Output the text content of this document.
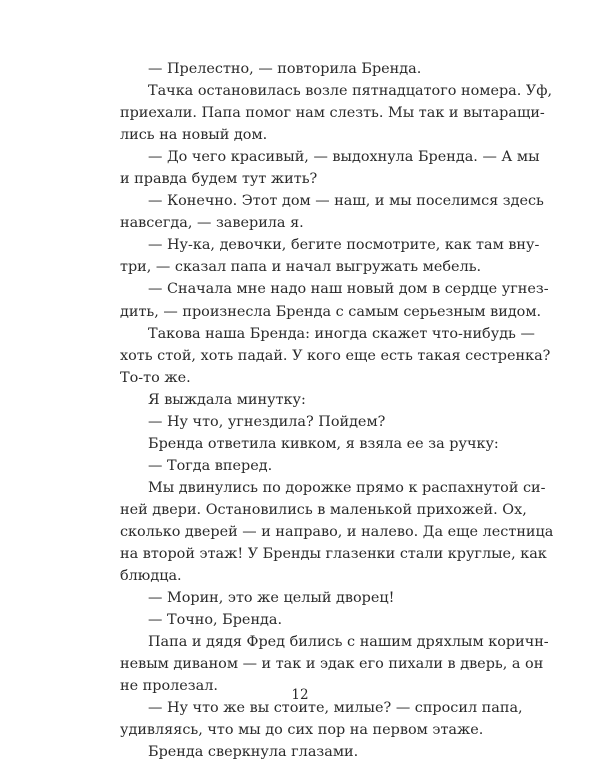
— Прелестно, — повторила Бренда.
Тачка остановилась возле пятнадцатого номера. Уф,
приехали. Папа помог нам слезть. Мы так и вытаращи-
лись на новый дом.
— До чего красивый, — выдохнула Бренда. — А мы
и правда будем тут жить?
— Конечно. Этот дом — наш, и мы поселимся здесь
навсегда, — заверила я.
— Ну-ка, девочки, бегите посмотрите, как там вну-
три, — сказал папа и начал выгружать мебель.
— Сначала мне надо наш новый дом в сердце угнез-
дить, — произнесла Бренда с самым серьезным видом.
Такова наша Бренда: иногда скажет что-нибудь —
хоть стой, хоть падай. У кого еще есть такая сестренка?
То-то же.
Я выждала минутку:
— Ну что, угнездила? Пойдем?
Бренда ответила кивком, я взяла ее за ручку:
— Тогда вперед.
Мы двинулись по дорожке прямо к распахнутой си-
ней двери. Остановились в маленькой прихожей. Ох,
сколько дверей — и направо, и налево. Да еще лестница
на второй этаж! У Бренды глазенки стали круглые, как
блюдца.
— Морин, это же целый дворец!
— Точно, Бренда.
Папа и дядя Фред бились с нашим дряхлым коричн-
невым диваном — и так и эдак его пихали в дверь, а он
не пролезал.
— Ну что же вы стоите, милые? — спросил папа,
удивляясь, что мы до сих пор на первом этаже.
Бренда сверкнула глазами.
12
